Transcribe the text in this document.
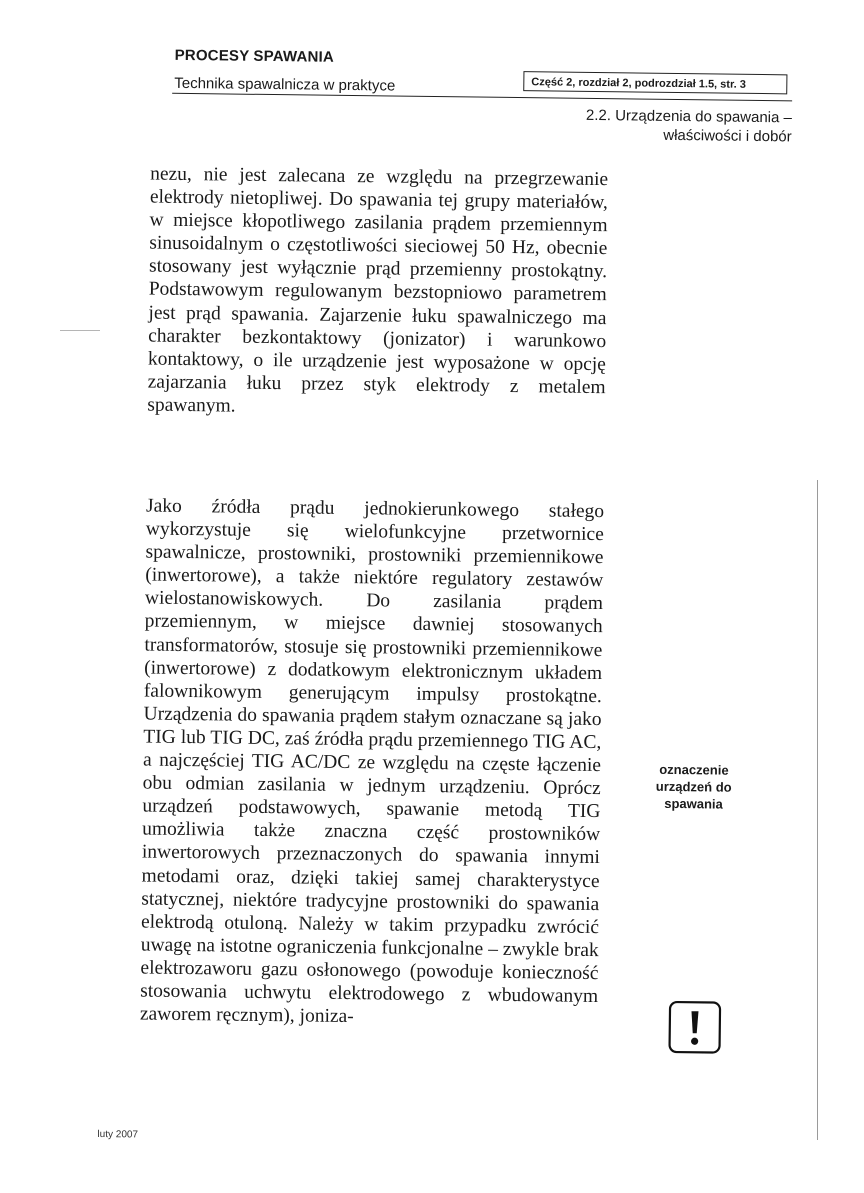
PROCESY SPAWANIA
Technika spawalnicza w praktyce	Część 2, rozdział 2, podrozdział 1.5, str. 3
2.2. Urządzenia do spawania –
właściwości i dobór

nezu, nie jest zalecana ze względu na przegrzewanie elektrody nietopliwej. Do spawania tej grupy materiałów, w miejsce kłopotliwego zasilania prądem przemiennym sinusoidalnym o częstotliwości sieciowej 50 Hz, obecnie stosowany jest wyłącznie prąd przemienny prostokątny. Podstawowym regulowanym bezstopniowo parametrem jest prąd spawania. Zajarzenie łuku spawalniczego ma charakter bezkontaktowy (jonizator) i warunkowo kontaktowy, o ile urządzenie jest wyposażone w opcję zajarzania łuku przez styk elektrody z metalem spawanym.

Jako źródła prądu jednokierunkowego stałego wykorzystuje się wielofunkcyjne przetwornice spawalnicze, prostowniki, prostowniki przemiennikowe (inwertorowe), a także niektóre regulatory zestawów wielostanowiskowych. Do zasilania prądem przemiennym, w miejsce dawniej stosowanych transformatorów, stosuje się prostowniki przemiennikowe (inwertorowe) z dodatkowym elektronicznym układem falownikowym generującym impulsy prostokątne. Urządzenia do spawania prądem stałym oznaczane są jako TIG lub TIG DC, zaś źródła prądu przemiennego TIG AC, a najczęściej TIG AC/DC ze względu na częste łączenie obu odmian zasilania w jednym urządzeniu. Oprócz urządzeń podstawowych, spawanie metodą TIG umożliwia także znaczna część prostowników inwertorowych przeznaczonych do spawania innymi metodami oraz, dzięki takiej samej charakterystyce statycznej, niektóre tradycyjne prostowniki do spawania elektrodą otuloną. Należy w takim przypadku zwrócić uwagę na istotne ograniczenia funkcjonalne – zwykle brak elektrozaworu gazu osłonowego (powoduje konieczność stosowania uchwytu elektrodowego z wbudowanym zaworem ręcznym), joniza-

oznaczenie
urządzeń do
spawania
luty 2007
